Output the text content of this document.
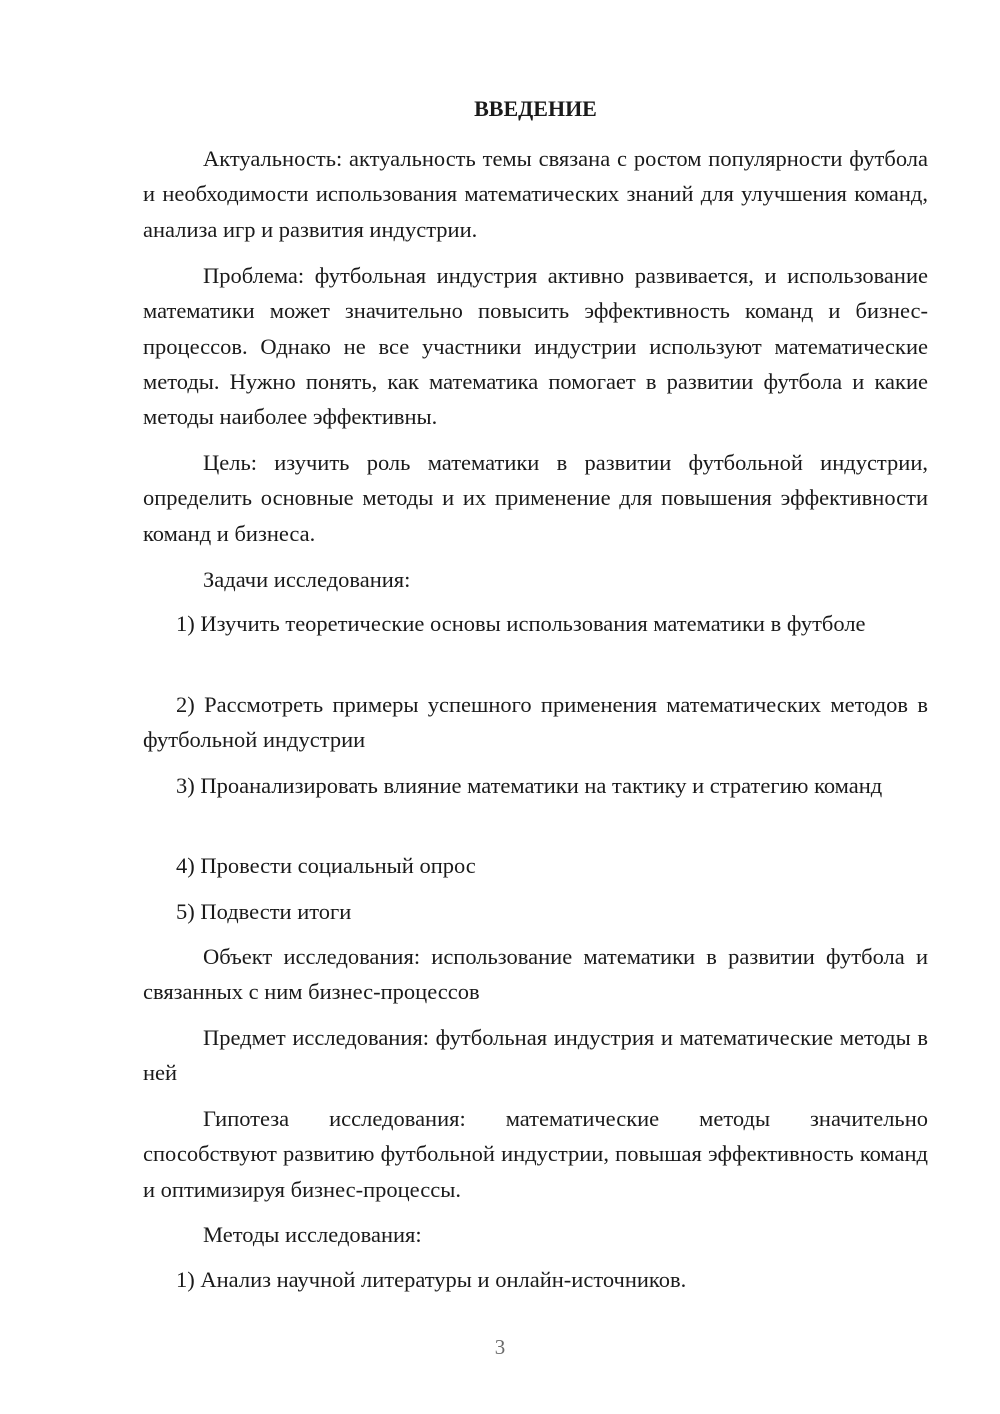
ВВЕДЕНИЕ

Актуальность: актуальность темы связана с ростом популярности футбола и необходимости использования математических знаний для улучшения команд, анализа игр и развития индустрии.

Проблема: футбольная индустрия активно развивается, и использование математики может значительно повысить эффективность команд и бизнес-процессов. Однако не все участники индустрии используют математические методы. Нужно понять, как математика помогает в развитии футбола и какие методы наиболее эффективны.

Цель: изучить роль математики в развитии футбольной индустрии, определить основные методы и их применение для повышения эффективности команд и бизнеса.

Задачи исследования:

1) Изучить теоретические основы использования математики в футболе

2) Рассмотреть примеры успешного применения математических методов в футбольной индустрии

3) Проанализировать влияние математики на тактику и стратегию команд

4) Провести социальный опрос

5) Подвести итоги

Объект исследования: использование математики в развитии футбола и связанных с ним бизнес-процессов

Предмет исследования: футбольная индустрия и математические методы в ней

Гипотеза исследования: математические методы значительно способствуют развитию футбольной индустрии, повышая эффективность команд и оптимизируя бизнес-процессы.

Методы исследования:

1) Анализ научной литературы и онлайн-источников.

3
